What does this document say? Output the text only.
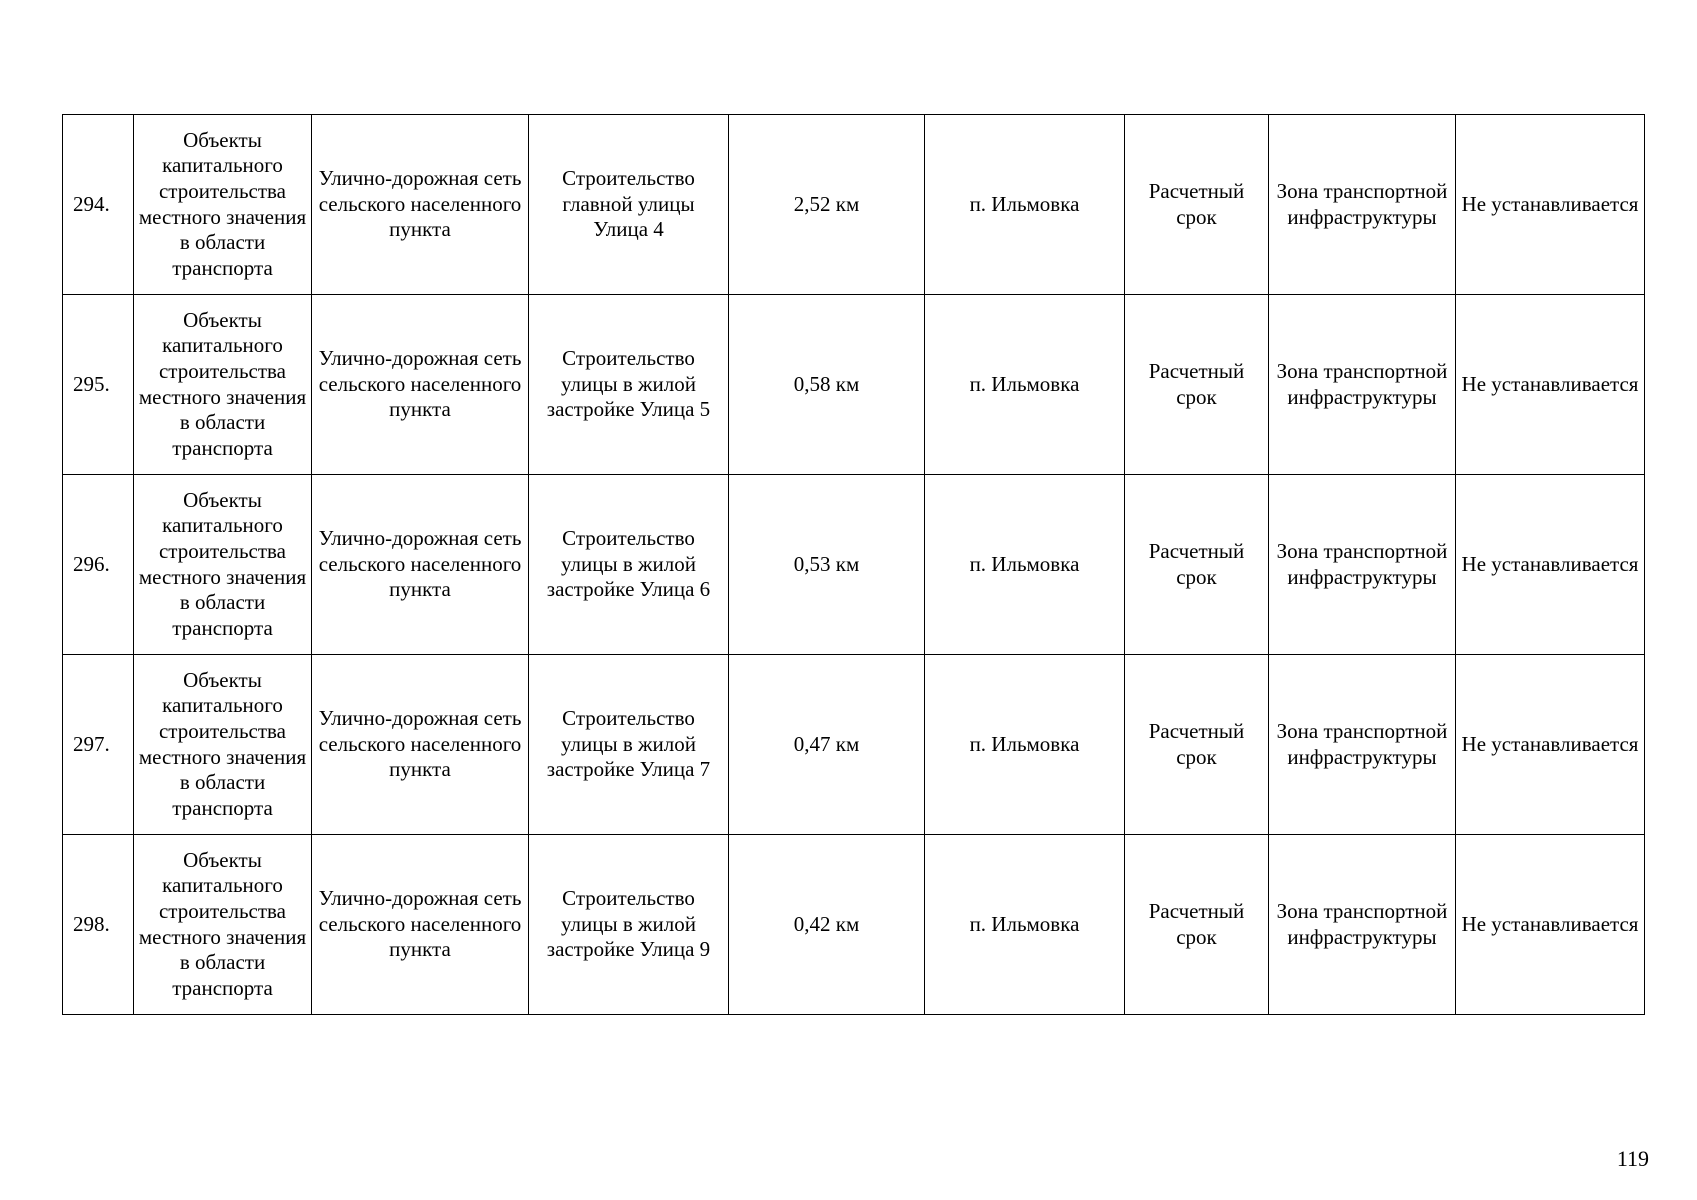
294.	Объекты капитального строительства местного значения в области транспорта	Улично-дорожная сеть сельского населенного пункта	Строительство главной улицы Улица 4	2,52 км	п. Ильмовка	Расчетный срок	Зона транспортной инфраструктуры	Не устанавливается
295.	Объекты капитального строительства местного значения в области транспорта	Улично-дорожная сеть сельского населенного пункта	Строительство улицы в жилой застройке Улица 5	0,58 км	п. Ильмовка	Расчетный срок	Зона транспортной инфраструктуры	Не устанавливается
296.	Объекты капитального строительства местного значения в области транспорта	Улично-дорожная сеть сельского населенного пункта	Строительство улицы в жилой застройке Улица 6	0,53 км	п. Ильмовка	Расчетный срок	Зона транспортной инфраструктуры	Не устанавливается
297.	Объекты капитального строительства местного значения в области транспорта	Улично-дорожная сеть сельского населенного пункта	Строительство улицы в жилой застройке Улица 7	0,47 км	п. Ильмовка	Расчетный срок	Зона транспортной инфраструктуры	Не устанавливается
298.	Объекты капитального строительства местного значения в области транспорта	Улично-дорожная сеть сельского населенного пункта	Строительство улицы в жилой застройке Улица 9	0,42 км	п. Ильмовка	Расчетный срок	Зона транспортной инфраструктуры	Не устанавливается
119
